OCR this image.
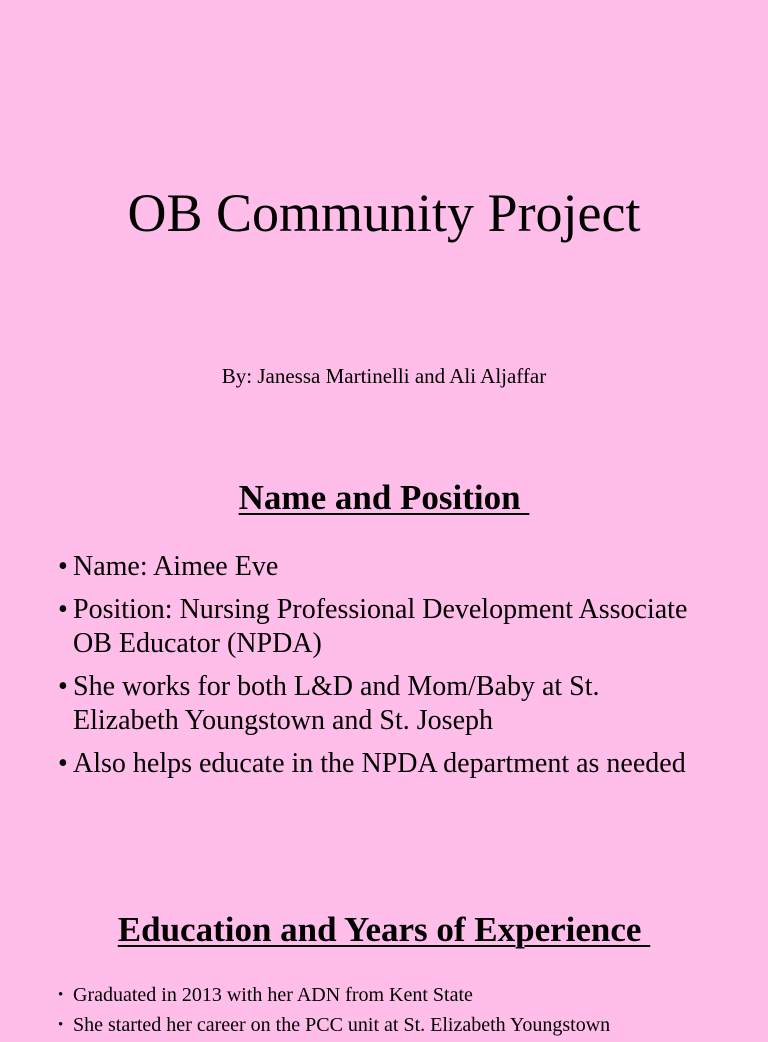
OB Community Project

By: Janessa Martinelli and Ali Aljaffar

Name and Position
• Name: Aimee Eve
• Position: Nursing Professional Development Associate OB Educator (NPDA)
• She works for both L&D and Mom/Baby at St. Elizabeth Youngstown and St. Joseph
• Also helps educate in the NPDA department as needed
Education and Years of Experience
• Graduated in 2013 with her ADN from Kent State
• She started her career on the PCC unit at St. Elizabeth Youngstown
